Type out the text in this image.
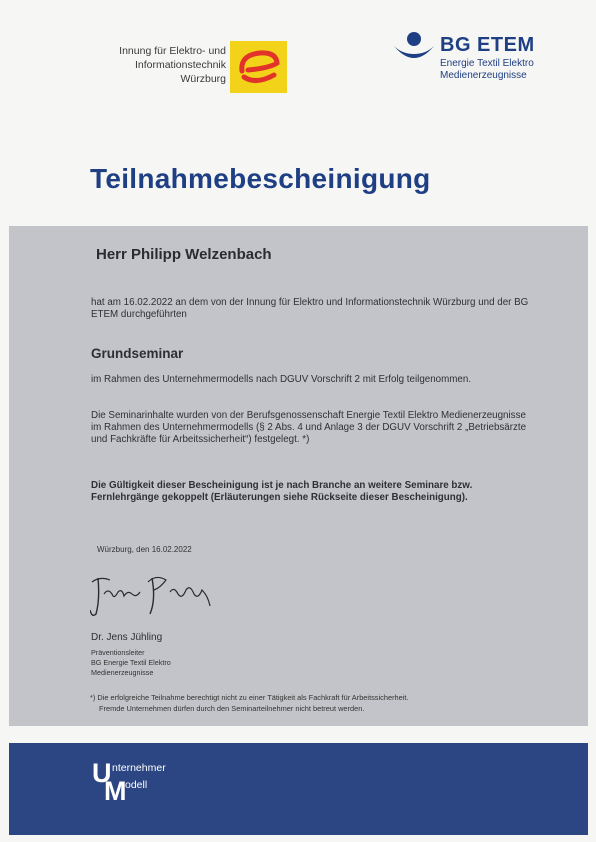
Innung für Elektro- und
Informationstechnik
Würzburg
BG ETEM
Energie Textil Elektro
Medienerzeugnisse
Teilnahmebescheinigung
Herr Philipp Welzenbach
hat am 16.02.2022 an dem von der Innung für Elektro und Informationstechnik Würzburg und der BG ETEM durchgeführten
Grundseminar
im Rahmen des Unternehmermodells nach DGUV Vorschrift 2 mit Erfolg teilgenommen.
Die Seminarinhalte wurden von der Berufsgenossenschaft Energie Textil Elektro Medienerzeugnisse im Rahmen des Unternehmermodells (§ 2 Abs. 4 und Anlage 3 der DGUV Vorschrift 2 „Betriebsärzte und Fachkräfte für Arbeitssicherheit“) festgelegt. *)
Die Gültigkeit dieser Bescheinigung ist je nach Branche an weitere Seminare bzw. Fernlehrgänge gekoppelt (Erläuterungen siehe Rückseite dieser Bescheinigung).
Würzburg, den 16.02.2022
Dr. Jens Jühling
Präventionsleiter
BG Energie Textil Elektro
Medienerzeugnisse
*) Die erfolgreiche Teilnahme berechtigt nicht zu einer Tätigkeit als Fachkraft für Arbeitssicherheit.
Fremde Unternehmen dürfen durch den Seminarteilnehmer nicht betreut werden.
U nternehmer
M
odell
